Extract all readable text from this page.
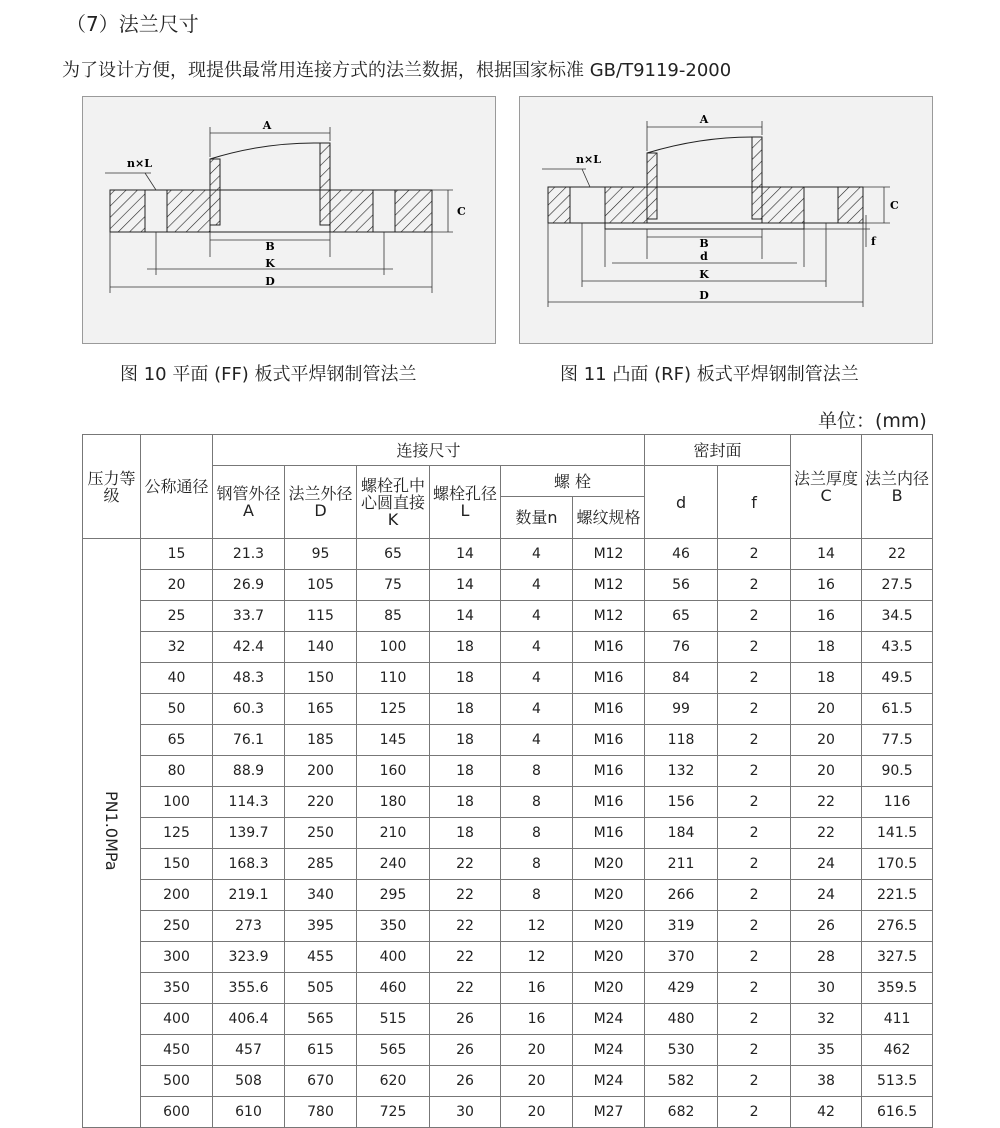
（7）法兰尺寸
为了设计方便，现提供最常用连接方式的法兰数据，根据国家标准 GB/T9119-2000
A
B
K
D
C
n×L
A
B
d
K
D
C
f
n×L
图 10 平面 (FF) 板式平焊钢制管法兰	图 11 凸面 (RF) 板式平焊钢制管法兰
单位：(mm)
压力等级	公称通径	连接尺寸						密封面		法兰厚度C	法兰内径B
		钢管外径A	法兰外径D	螺栓孔中心圆直接K	螺栓孔径L	螺 栓		d	f		
						数量n	螺纹规格				
PN1.0MPa	15	21.3	95	65	14	4	M12	46	2	14	22
	20	26.9	105	75	14	4	M12	56	2	16	27.5
	25	33.7	115	85	14	4	M12	65	2	16	34.5
	32	42.4	140	100	18	4	M16	76	2	18	43.5
	40	48.3	150	110	18	4	M16	84	2	18	49.5
	50	60.3	165	125	18	4	M16	99	2	20	61.5
	65	76.1	185	145	18	4	M16	118	2	20	77.5
	80	88.9	200	160	18	8	M16	132	2	20	90.5
	100	114.3	220	180	18	8	M16	156	2	22	116
	125	139.7	250	210	18	8	M16	184	2	22	141.5
	150	168.3	285	240	22	8	M20	211	2	24	170.5
	200	219.1	340	295	22	8	M20	266	2	24	221.5
	250	273	395	350	22	12	M20	319	2	26	276.5
	300	323.9	455	400	22	12	M20	370	2	28	327.5
	350	355.6	505	460	22	16	M20	429	2	30	359.5
	400	406.4	565	515	26	16	M24	480	2	32	411
	450	457	615	565	26	20	M24	530	2	35	462
	500	508	670	620	26	20	M24	582	2	38	513.5
	600	610	780	725	30	20	M27	682	2	42	616.5
